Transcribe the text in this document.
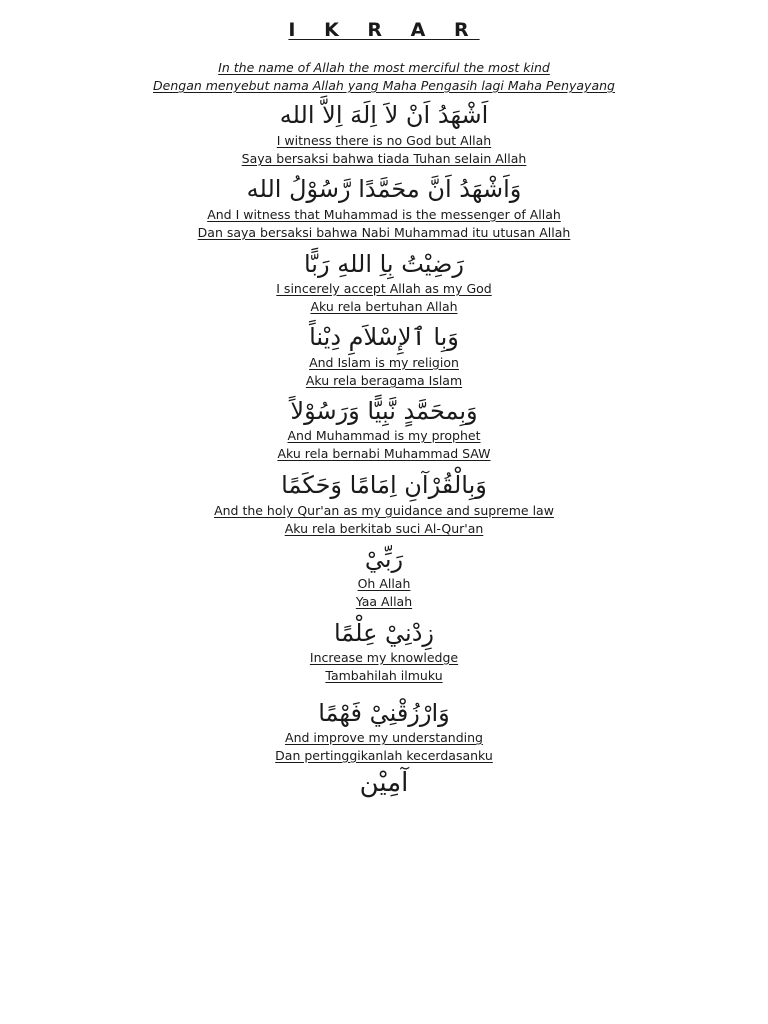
I K R A R
In the name of Allah the most merciful the most kind
Dengan menyebut nama Allah yang Maha Pengasih lagi Maha Penyayang
اَشْهَدُ اَنْ لاَ اِلَهَ اِلاَّ الله
I witness there is no God but Allah
Saya bersaksi bahwa tiada Tuhan selain Allah
وَاَشْهَدُ اَنَّ محَمَّدًا رَّسُوْلُ الله
And I witness that Muhammad is the messenger of Allah
Dan saya bersaksi bahwa Nabi Muhammad itu utusan Allah
رَضِيْتُ بِاِ اللهِ رَبًّا
I sincerely accept Allah as my God
Aku rela bertuhan Allah
وَبِا ٱلإِسْلاَمِ دِيْناً
And Islam is my religion
Aku rela beragama Islam
وَبِمحَمَّدٍ نَّبِيًّا وَرَسُوْلاً
And Muhammad is my prophet
Aku rela bernabi Muhammad SAW
وَبِالْقُرْآنِ اِمَامًا وَحَكَمًا
And the holy Qur'an as my guidance and supreme law
Aku rela berkitab suci Al-Qur'an
رَبِّيْ
Oh Allah
Yaa Allah
زِدْنِيْ عِلْمًا
Increase my knowledge
Tambahilah ilmuku
وَارْزُقْنِيْ فَهْمًا
And improve my understanding
Dan pertinggikanlah kecerdasanku
آمِيْن
